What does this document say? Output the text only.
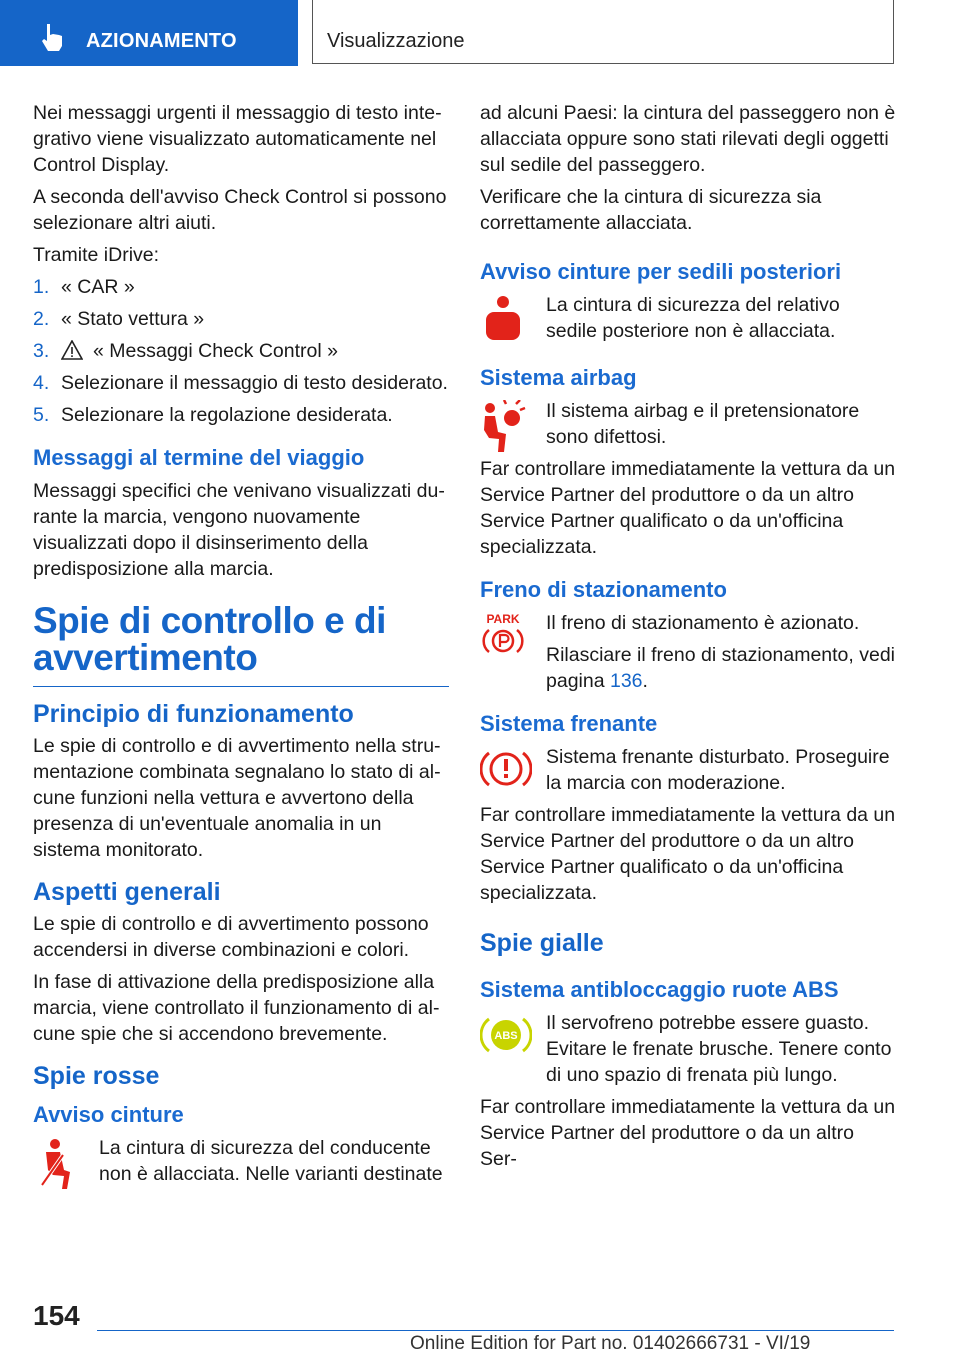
AZIONAMENTO	Visualizzazione

Nei messaggi urgenti il messaggio di testo integrativo viene visualizzato automaticamente nel Control Display.

A seconda dell'avviso Check Control si possono selezionare altri aiuti.

Tramite iDrive:

1. « CAR »
2. « Stato vettura »
3. « Messaggi Check Control »
4. Selezionare il messaggio di testo desiderato.
5. Selezionare la regolazione desiderata.
Messaggi al termine del viaggio

Messaggi specifici che venivano visualizzati durante la marcia, vengono nuovamente visualizzati dopo il disinserimento della predisposizione alla marcia.

Spie di controllo e di avvertimento
Principio di funzionamento

Le spie di controllo e di avvertimento nella strumentazione combinata segnalano lo stato di alcune funzioni nella vettura e avvertono della presenza di un'eventuale anomalia in un sistema monitorato.

Aspetti generali

Le spie di controllo e di avvertimento possono accendersi in diverse combinazioni e colori.

In fase di attivazione della predisposizione alla marcia, viene controllato il funzionamento di alcune spie che si accendono brevemente.

Spie rosse
Avviso cinture
La cintura di sicurezza del conducente non è allacciata. Nelle varianti destinate

ad alcuni Paesi: la cintura del passeggero non è allacciata oppure sono stati rilevati degli oggetti sul sedile del passeggero.

Verificare che la cintura di sicurezza sia correttamente allacciata.

Avviso cinture per sedili posteriori

La cintura di sicurezza del relativo sedile posteriore non è allacciata.

Sistema airbag

Il sistema airbag e il pretensionatore sono difettosi.

Far controllare immediatamente la vettura da un Service Partner del produttore o da un altro Service Partner qualificato o da un'officina specializzata.

Freno di stazionamento
PARK Il freno di stazionamento è azionato.

Rilasciare il freno di stazionamento, vedi pagina 136.

Sistema frenante

Sistema frenante disturbato. Proseguire la marcia con moderazione.

Far controllare immediatamente la vettura da un Service Partner del produttore o da un altro Service Partner qualificato o da un'officina specializzata.

Spie gialle
Sistema antibloccaggio ruote ABS
ABS

Il servofreno potrebbe essere guasto. Evitare le frenate brusche. Tenere conto di uno spazio di frenata più lungo.

Far controllare immediatamente la vettura da un Service Partner del produttore o da un altro Ser‐

154
Online Edition for Part no. 01402666731 - VI/19
